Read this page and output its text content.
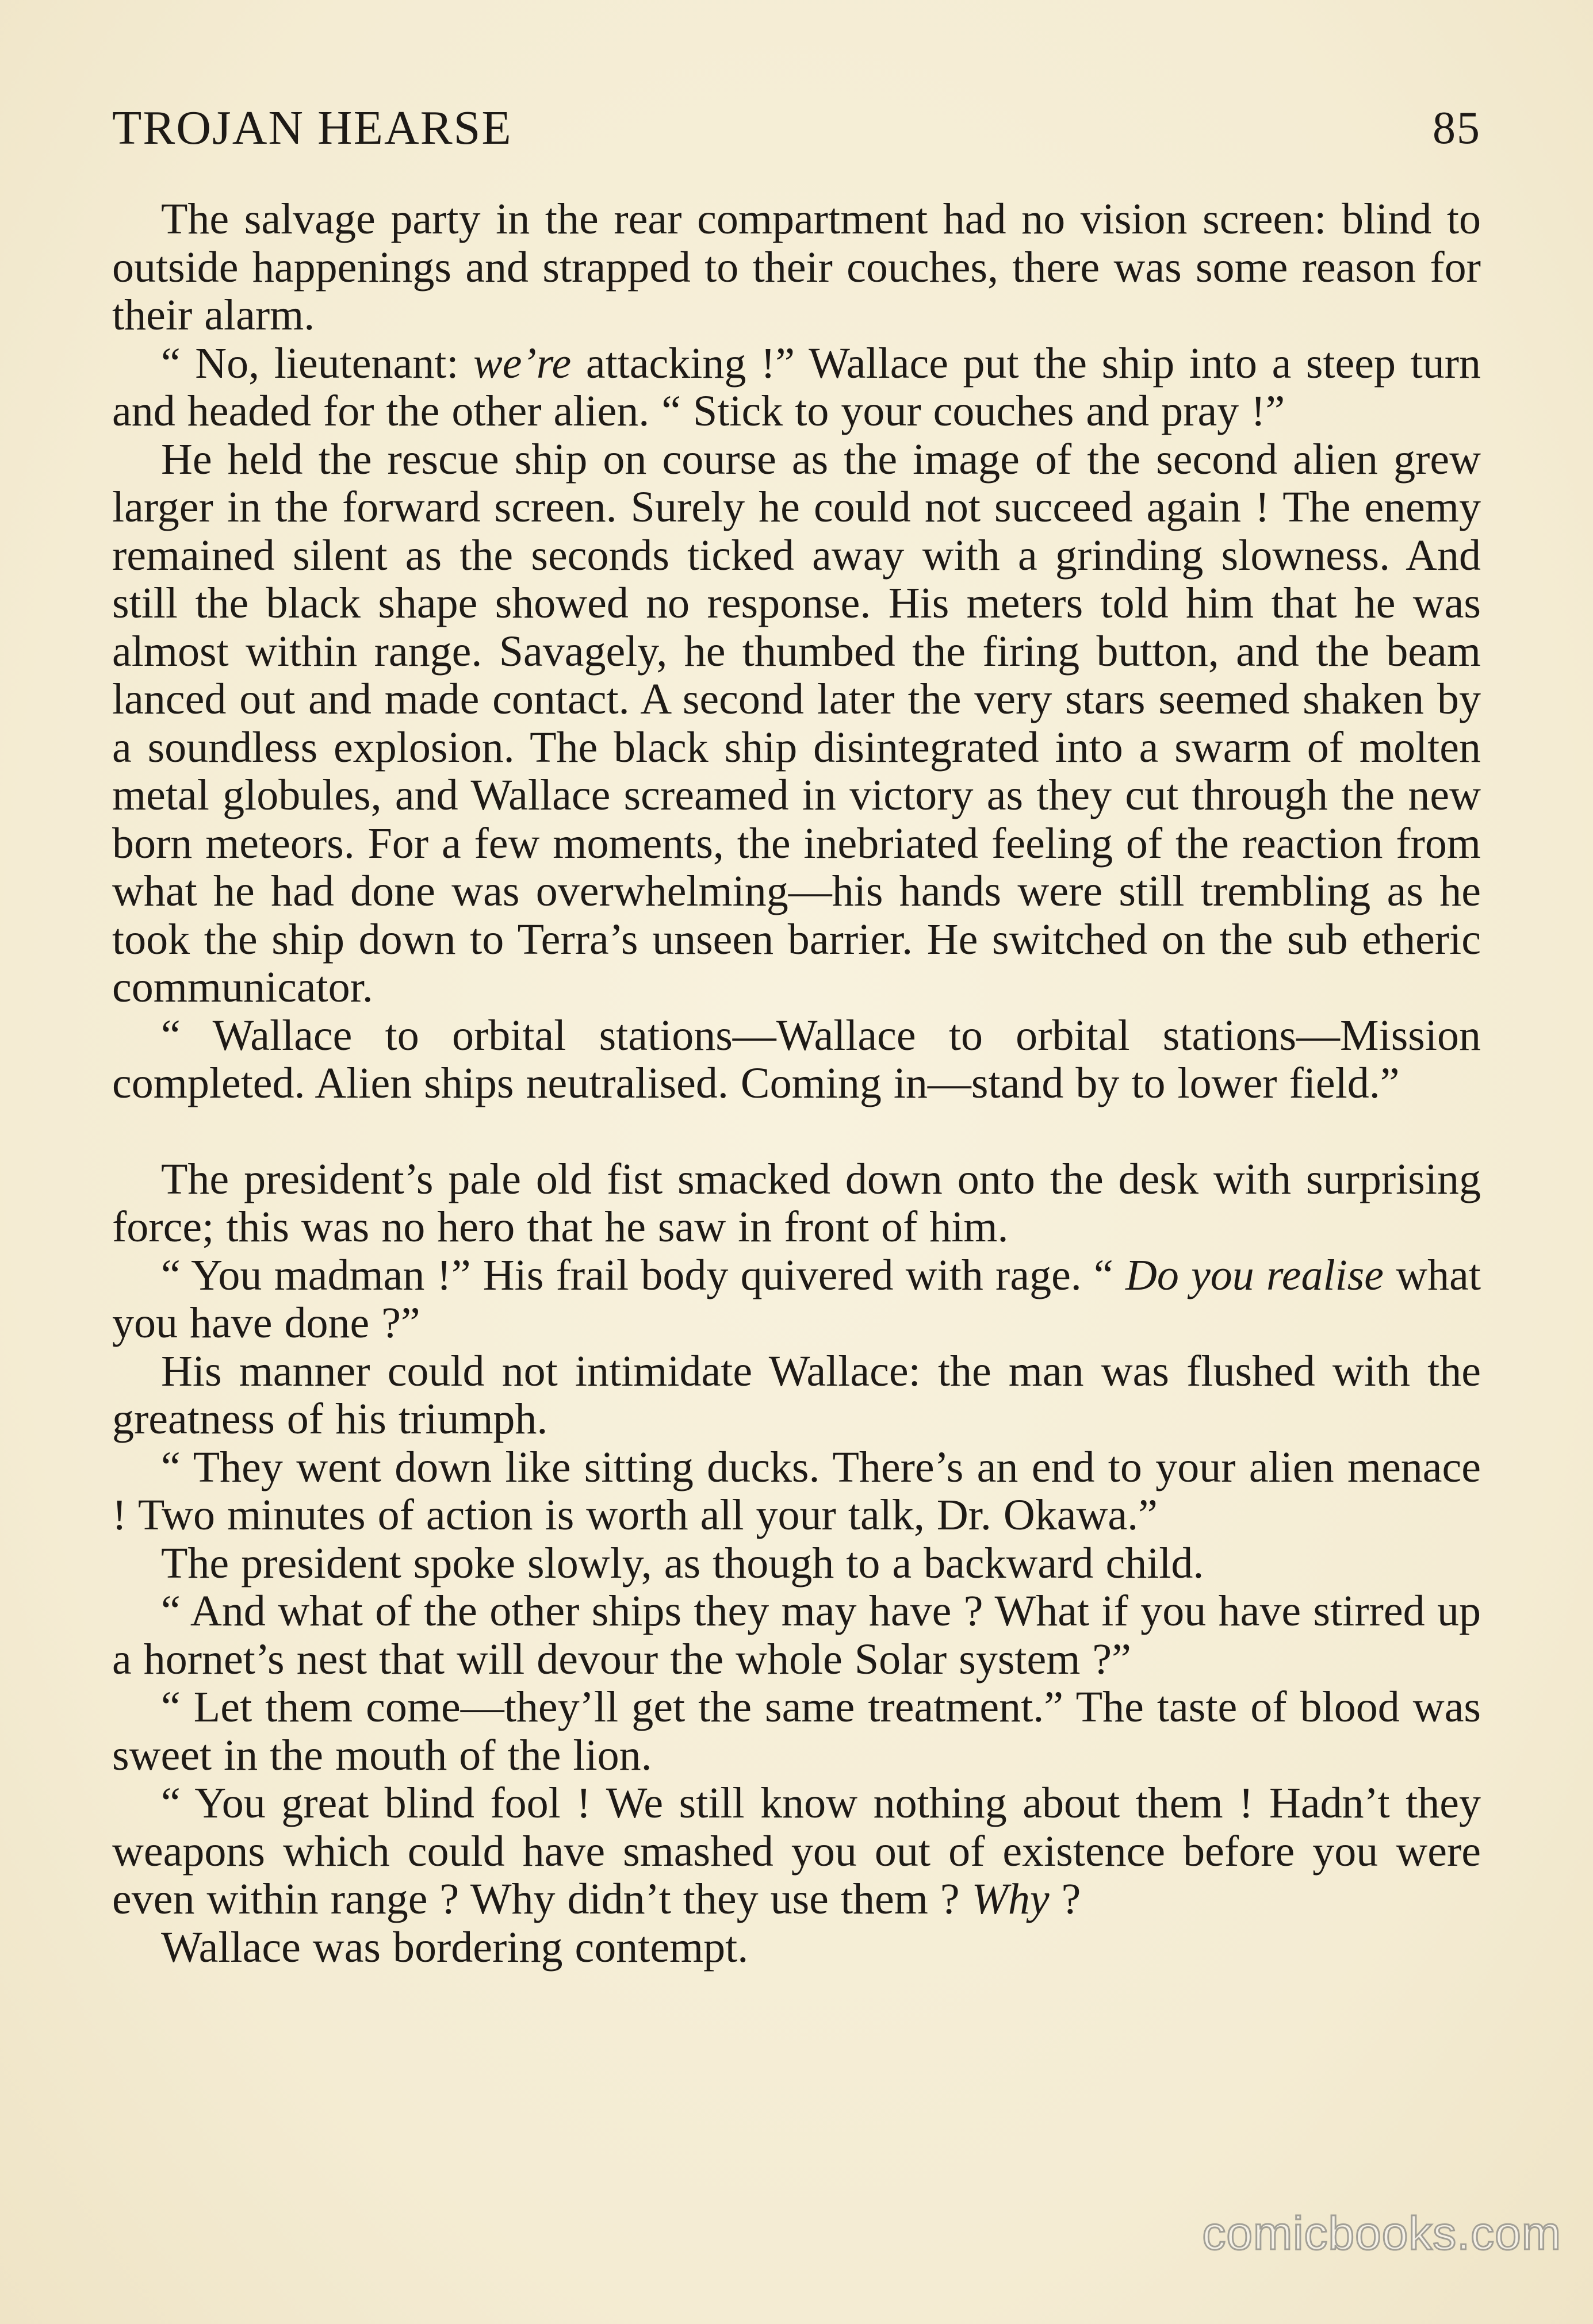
TROJAN HEARSE	85

The salvage party in the rear compartment had no vision screen: blind to outside happenings and strapped to their couches, there was some reason for their alarm.

“ No, lieutenant: we’re attacking !” Wallace put the ship into a steep turn and headed for the other alien. “ Stick to your couches and pray !”

He held the rescue ship on course as the image of the second alien grew larger in the forward screen. Surely he could not succeed again ! The enemy remained silent as the seconds ticked away with a grinding slowness. And still the black shape showed no response. His meters told him that he was almost within range. Savagely, he thumbed the firing button, and the beam lanced out and made contact. A second later the very stars seemed shaken by a soundless explosion. The black ship disintegrated into a swarm of molten metal globules, and Wallace screamed in victory as they cut through the new born meteors. For a few moments, the inebriated feeling of the reaction from what he had done was overwhelming—his hands were still trembling as he took the ship down to Terra’s unseen barrier. He switched on the sub etheric communicator.

“ Wallace to orbital stations—Wallace to orbital stations—Mission completed. Alien ships neutralised. Coming in—stand by to lower field.”

The president’s pale old fist smacked down onto the desk with surprising force; this was no hero that he saw in front of him.

“ You madman !” His frail body quivered with rage. “ Do you realise what you have done ?”

His manner could not intimidate Wallace: the man was flushed with the greatness of his triumph.

“ They went down like sitting ducks. There’s an end to your alien menace ! Two minutes of action is worth all your talk, Dr. Okawa.”

The president spoke slowly, as though to a backward child.

“ And what of the other ships they may have ? What if you have stirred up a hornet’s nest that will devour the whole Solar system ?”

“ Let them come—they’ll get the same treatment.” The taste of blood was sweet in the mouth of the lion.

“ You great blind fool ! We still know nothing about them ! Hadn’t they weapons which could have smashed you out of existence before you were even within range ? Why didn’t they use them ? Why ?

Wallace was bordering contempt.

comicbooks.com
